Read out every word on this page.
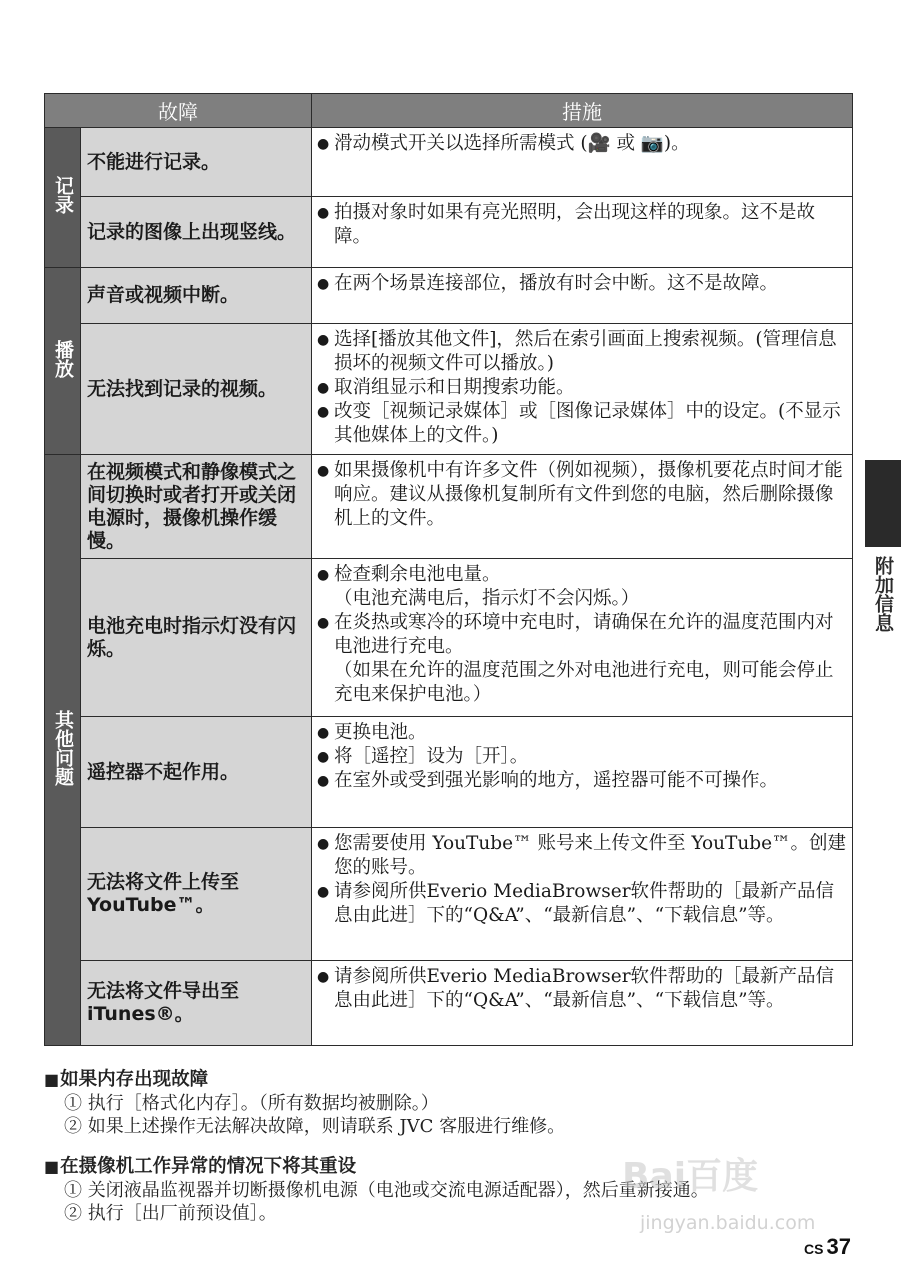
故障		措施
记录	不能进行记录。	● 滑动模式开关以选择所需模式 (🎥 或 📷)。

	记录的图像上出现竖线。	● 拍摄对象时如果有亮光照明，会出现这样的现象。这不是故障。

播放	声音或视频中断。	● 在两个场景连接部位，播放有时会中断。这不是故障。

	无法找到记录的视频。	● 选择[播放其他文件]，然后在索引画面上搜索视频。(管理信息损坏的视频文件可以播放。)
● 取消组显示和日期搜索功能。
● 改变［视频记录媒体］或［图像记录媒体］中的设定。(不显示其他媒体上的文件。)

其他问题	在视频模式和静像模式之间切换时或者打开或关闭电源时，摄像机操作缓慢。	● 如果摄像机中有许多文件（例如视频），摄像机要花点时间才能响应。建议从摄像机复制所有文件到您的电脑，然后删除摄像机上的文件。

	电池充电时指示灯没有闪烁。	● 检查剩余电池电量。
（电池充满电后，指示灯不会闪烁。）
● 在炎热或寒冷的环境中充电时，请确保在允许的温度范围内对电池进行充电。
（如果在允许的温度范围之外对电池进行充电，则可能会停止充电来保护电池。）

	遥控器不起作用。	● 更换电池。
● 将［遥控］设为［开］。
● 在室外或受到强光影响的地方，遥控器可能不可操作。

	无法将文件上传至YouTube™。	● 您需要使用 YouTube™ 账号来上传文件至 YouTube™。创建您的账号。
● 请参阅所供Everio MediaBrowser软件帮助的［最新产品信息由此进］下的“Q&A”、“最新信息”、“下载信息”等。

	无法将文件导出至iTunes®。	● 请参阅所供Everio MediaBrowser软件帮助的［最新产品信息由此进］下的“Q&A”、“最新信息”、“下载信息”等。
附加信息
■如果内存出现故障
① 执行［格式化内存］。（所有数据均被删除。）
② 如果上述操作无法解决故障，则请联系 JVC 客服进行维修。
■在摄像机工作异常的情况下将其重设
① 关闭液晶监视器并切断摄像机电源（电池或交流电源适配器），然后重新接通。
② 执行［出厂前预设值］。
Bai百度
jingyan.baidu.com
CS 37
